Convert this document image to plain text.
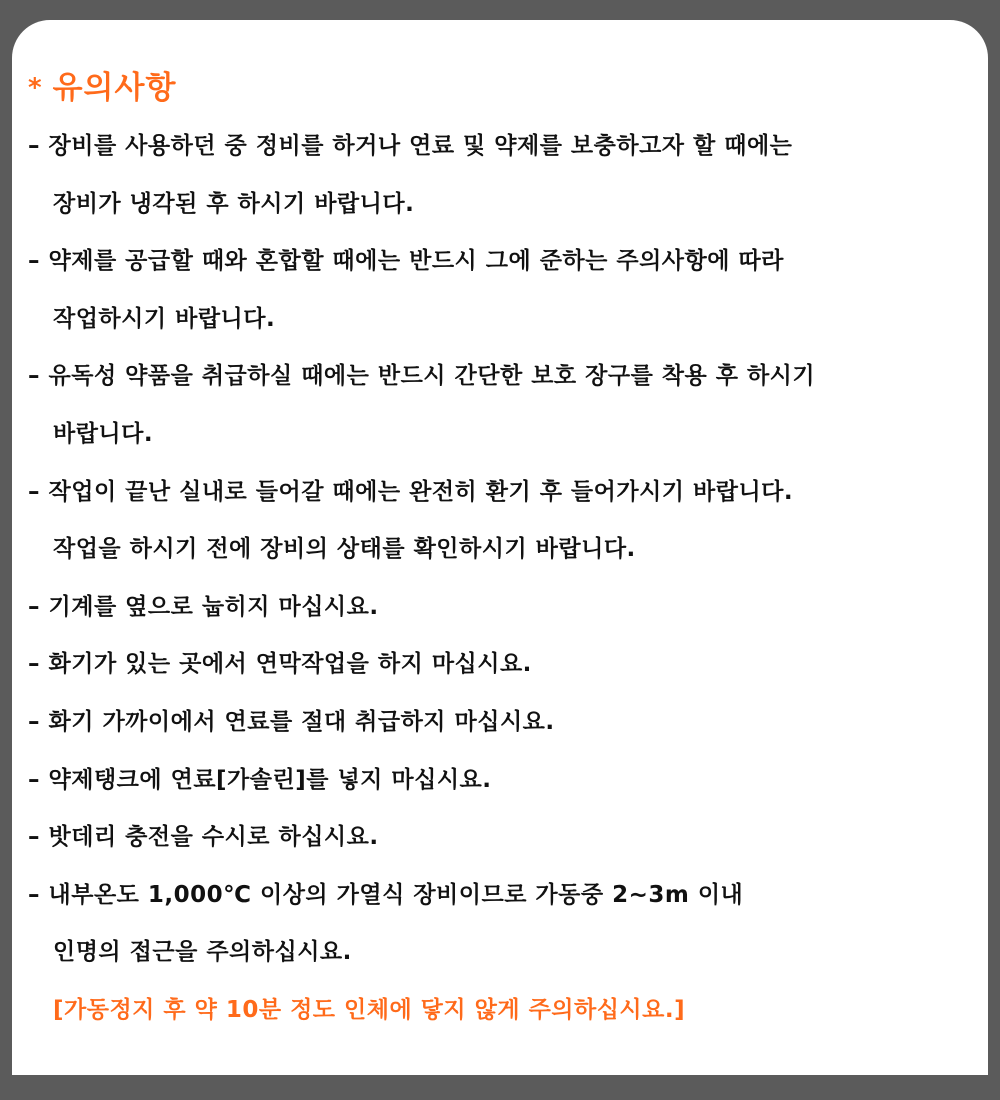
* 유의사항
– 장비를 사용하던 중 정비를 하거나 연료 및 약제를 보충하고자 할 때에는
장비가 냉각된 후 하시기 바랍니다.
– 약제를 공급할 때와 혼합할 때에는 반드시 그에 준하는 주의사항에 따라
작업하시기 바랍니다.
– 유독성 약품을 취급하실 때에는 반드시 간단한 보호 장구를 착용 후 하시기
바랍니다.
– 작업이 끝난 실내로 들어갈 때에는 완전히 환기 후 들어가시기 바랍니다.
작업을 하시기 전에 장비의 상태를 확인하시기 바랍니다.
– 기계를 옆으로 눕히지 마십시요.
– 화기가 있는 곳에서 연막작업을 하지 마십시요.
– 화기 가까이에서 연료를 절대 취급하지 마십시요.
– 약제탱크에 연료[가솔린]를 넣지 마십시요.
– 밧데리 충전을 수시로 하십시요.
– 내부온도 1,000℃ 이상의 가열식 장비이므로 가동중 2~3m 이내
인명의 접근을 주의하십시요.
[가동정지 후 약 10분 정도 인체에 닿지 않게 주의하십시요.]
